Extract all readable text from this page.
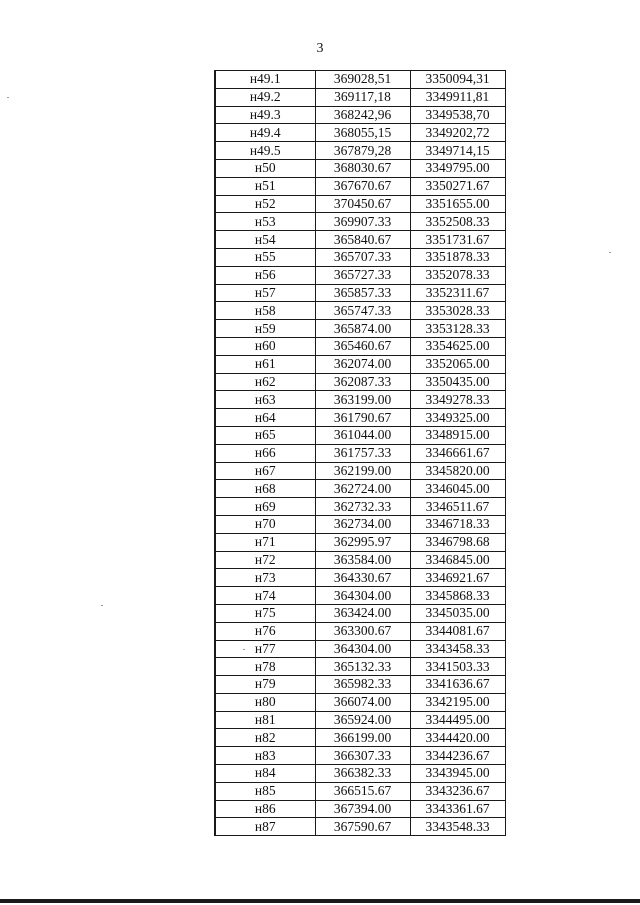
3
н49.1	369028,51	3350094,31
н49.2	369117,18	3349911,81
н49.3	368242,96	3349538,70
н49.4	368055,15	3349202,72
н49.5	367879,28	3349714,15
н50	368030.67	3349795.00
н51	367670.67	3350271.67
н52	370450.67	3351655.00
н53	369907.33	3352508.33
н54	365840.67	3351731.67
н55	365707.33	3351878.33
н56	365727.33	3352078.33
н57	365857.33	3352311.67
н58	365747.33	3353028.33
н59	365874.00	3353128.33
н60	365460.67	3354625.00
н61	362074.00	3352065.00
н62	362087.33	3350435.00
н63	363199.00	3349278.33
н64	361790.67	3349325.00
н65	361044.00	3348915.00
н66	361757.33	3346661.67
н67	362199.00	3345820.00
н68	362724.00	3346045.00
н69	362732.33	3346511.67
н70	362734.00	3346718.33
н71	362995.97	3346798.68
н72	363584.00	3346845.00
н73	364330.67	3346921.67
н74	364304.00	3345868.33
н75	363424.00	3345035.00
н76	363300.67	3344081.67
н77	364304.00	3343458.33
н78	365132.33	3341503.33
н79	365982.33	3341636.67
н80	366074.00	3342195.00
н81	365924.00	3344495.00
н82	366199.00	3344420.00
н83	366307.33	3344236.67
н84	366382.33	3343945.00
н85	366515.67	3343236.67
н86	367394.00	3343361.67
н87	367590.67	3343548.33
